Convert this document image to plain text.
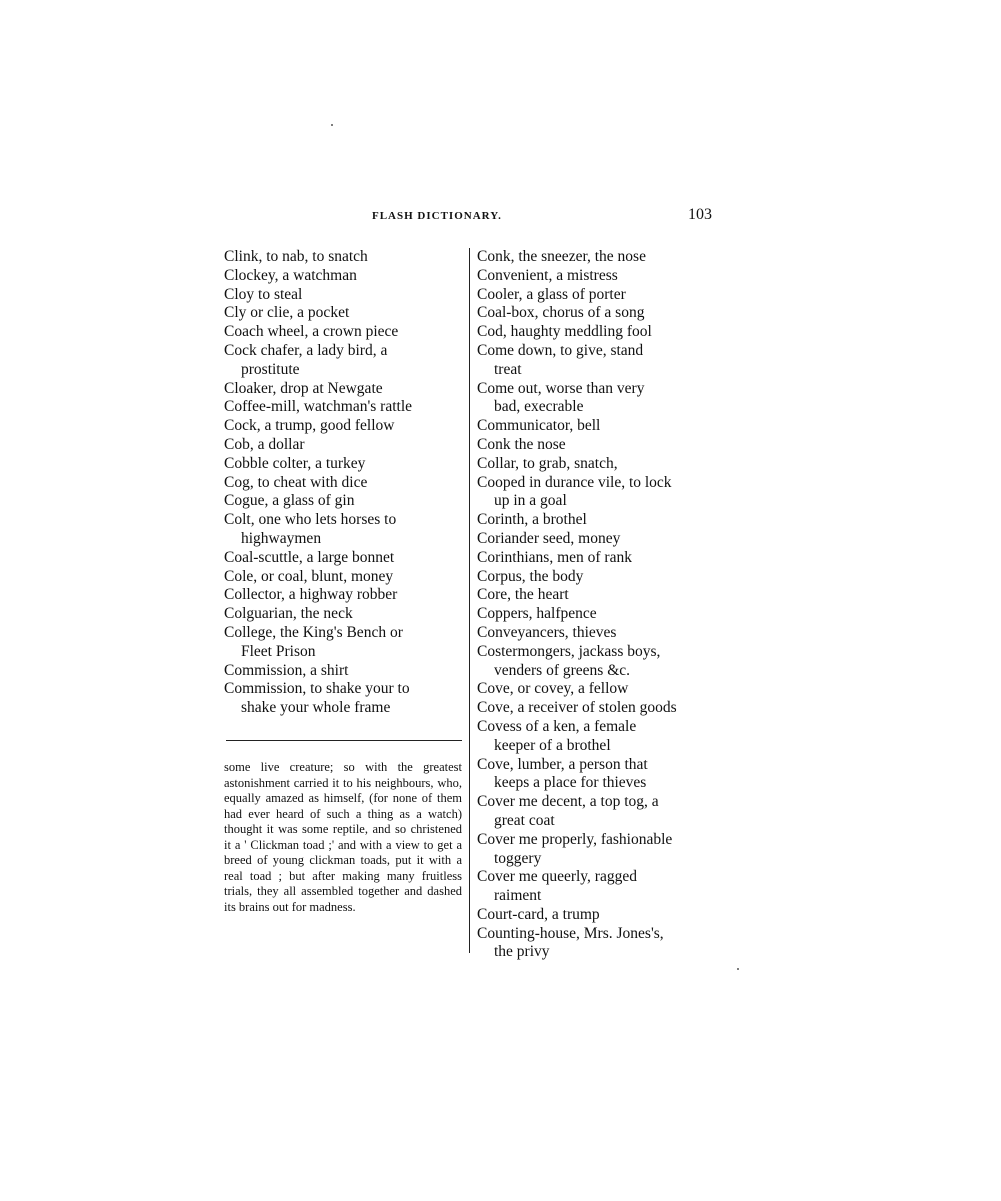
FLASH DICTIONARY.	103
Clink, to nab, to snatch
Clockey, a watchman
Cloy to steal
Cly or clie, a pocket
Coach wheel, a crown piece
Cock chafer, a lady bird, a
prostitute
Cloaker, drop at Newgate
Coffee-mill, watchman's rattle
Cock, a trump, good fellow
Cob, a dollar
Cobble colter, a turkey
Cog, to cheat with dice
Cogue, a glass of gin
Colt, one who lets horses to
highwaymen
Coal-scuttle, a large bonnet
Cole, or coal, blunt, money
Collector, a highway robber
Colguarian, the neck
College, the King's Bench or
Fleet Prison
Commission, a shirt
Commission, to shake your to
shake your whole frame
Conk, the sneezer, the nose
Convenient, a mistress
Cooler, a glass of porter
Coal-box, chorus of a song
Cod, haughty meddling fool
Come down, to give, stand
treat
Come out, worse than very
bad, execrable
Communicator, bell
Conk the nose
Collar, to grab, snatch,
Cooped in durance vile, to lock
up in a goal
Corinth, a brothel
Coriander seed, money
Corinthians, men of rank
Corpus, the body
Core, the heart
Coppers, halfpence
Conveyancers, thieves
Costermongers, jackass boys,
venders of greens &c.
Cove, or covey, a fellow
Cove, a receiver of stolen goods
Covess of a ken, a female
keeper of a brothel
Cove, lumber, a person that
keeps a place for thieves
Cover me decent, a top tog, a
great coat
Cover me properly, fashionable
toggery
Cover me queerly, ragged
raiment
Court-card, a trump
Counting-house, Mrs. Jones's,
the privy
some live creature; so with the greatest astonishment carried it to his neighbours, who, equally amazed as himself, (for none of them had ever heard of such a thing as a watch) thought it was some reptile, and so christened it a ' Clickman toad ;' and with a view to get a breed of young clickman toads, put it with a real toad ; but after making many fruitless trials, they all assembled together and dashed its brains out for madness.
